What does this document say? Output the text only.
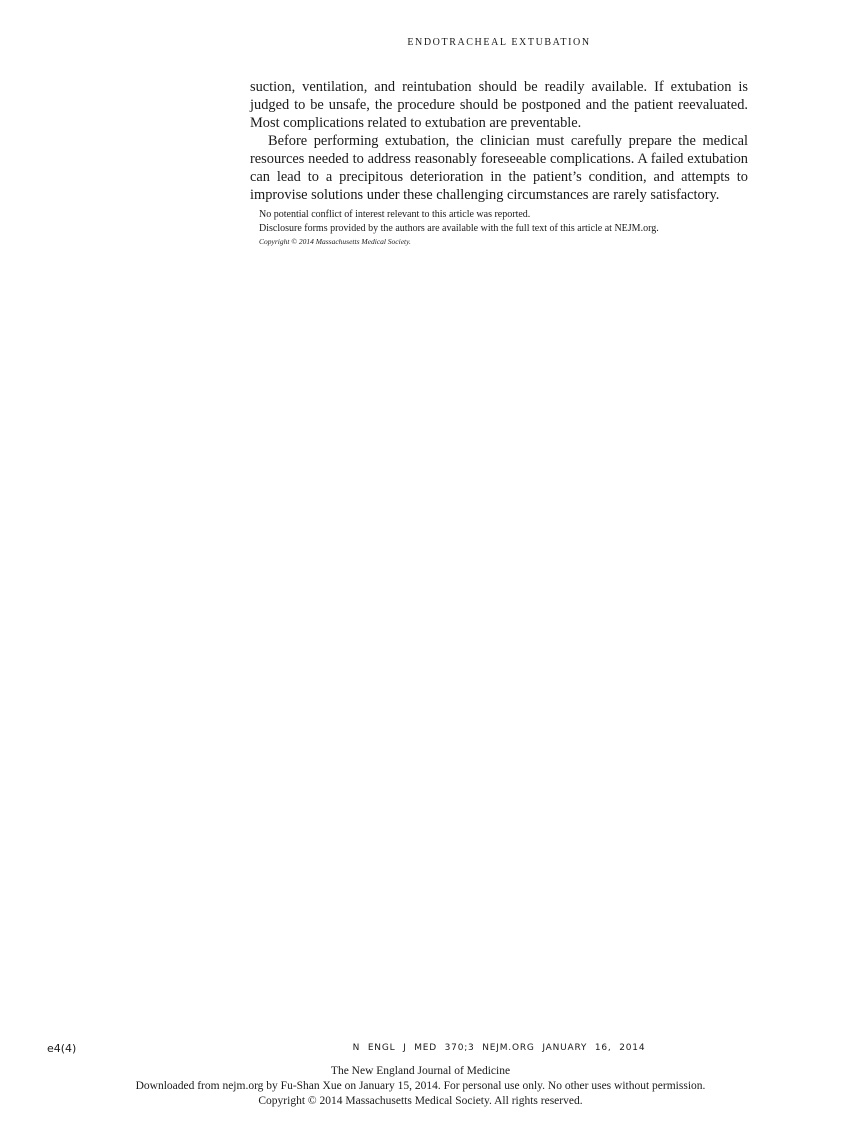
ENDOTRACHEAL EXTUBATION

suction, ventilation, and reintubation should be readily available. If extubation is judged to be unsafe, the procedure should be postponed and the patient reevaluated. Most complications related to extubation are preventable.

Before performing extubation, the clinician must carefully prepare the medical resources needed to address reasonably foreseeable complications. A failed extubation can lead to a precipitous deterioration in the patient’s condition, and attempts to improvise solutions under these challenging circumstances are rarely satisfactory.

No potential conflict of interest relevant to this article was reported.

Disclosure forms provided by the authors are available with the full text of this article at NEJM.org.

Copyright © 2014 Massachusetts Medical Society.

e4(4)	N ENGL J MED 370;3 NEJM.ORG JANUARY 16, 2014
The New England Journal of Medicine
Downloaded from nejm.org by Fu-Shan Xue on January 15, 2014. For personal use only. No other uses without permission.
Copyright © 2014 Massachusetts Medical Society. All rights reserved.
